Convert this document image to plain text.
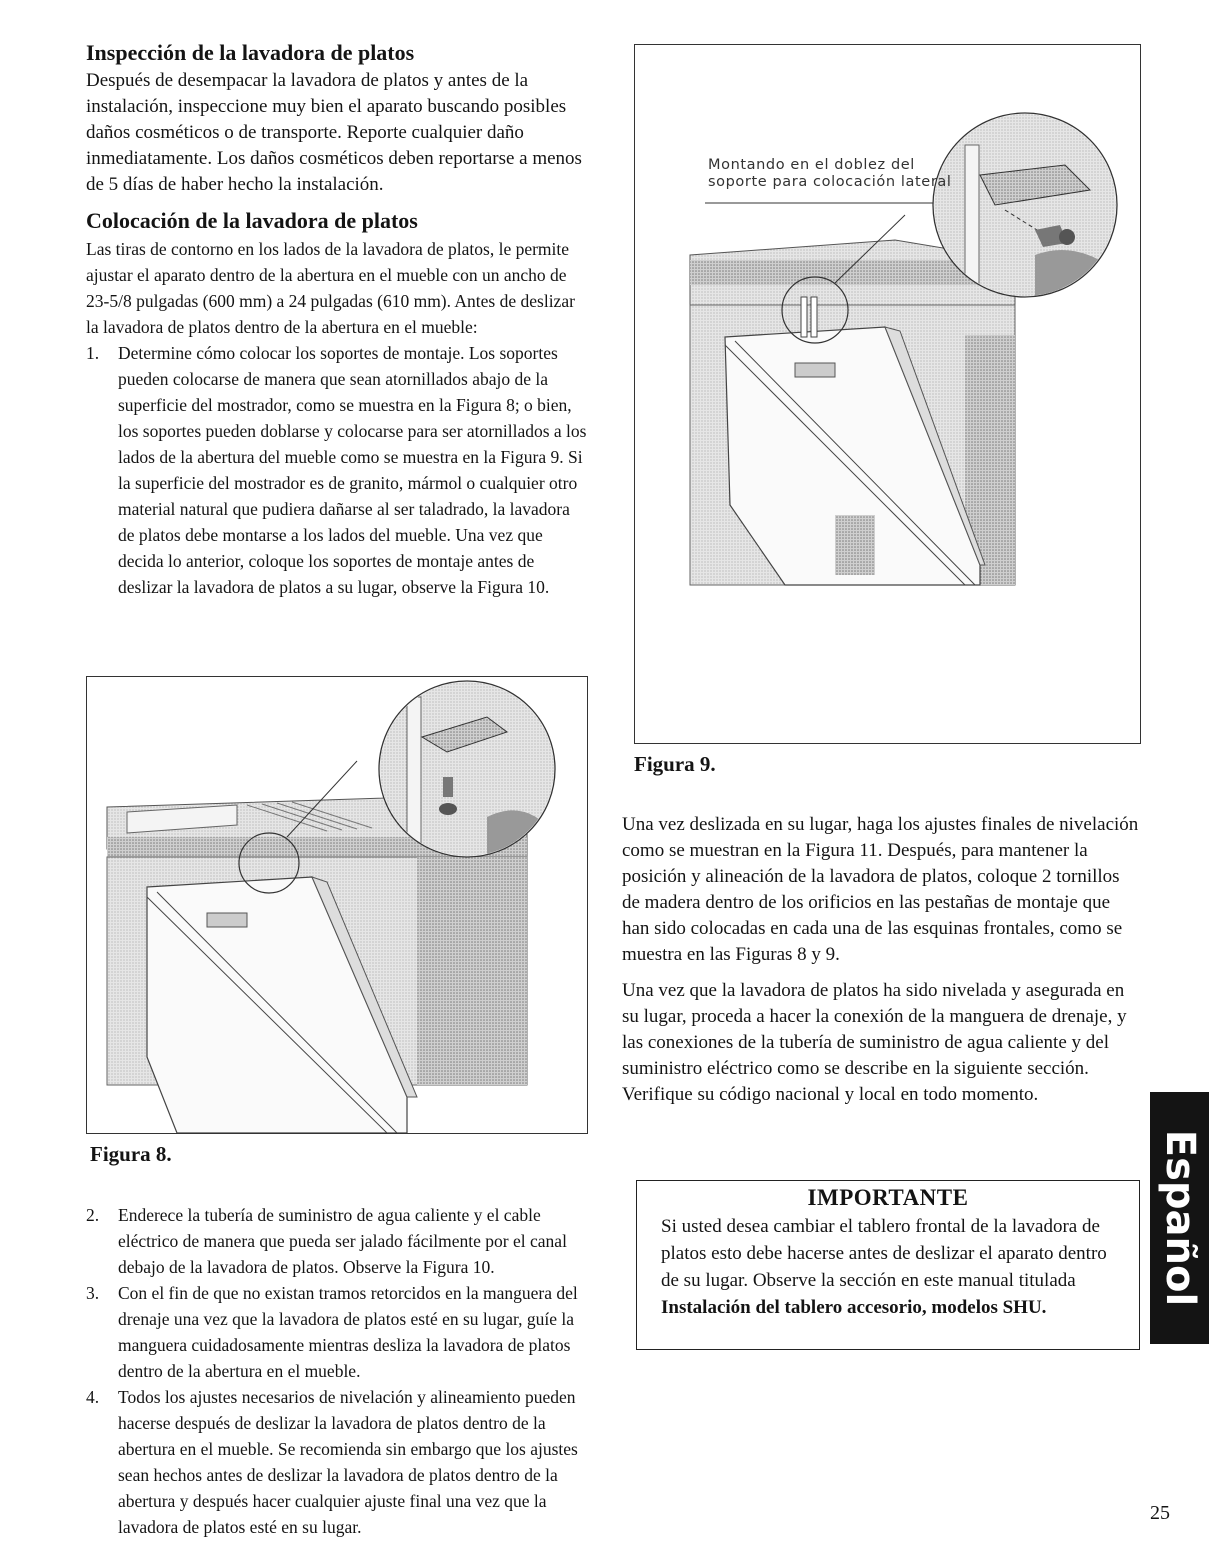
Inspección de la lavadora de platos

Después de desempacar la lavadora de platos y antes de la instalación, inspeccione muy bien el aparato buscando posibles daños cosméticos o de transporte. Reporte cualquier daño inmediatamente. Los daños cosméticos deben reportarse a menos de 5 días de haber hecho la instalación.

Colocación de la lavadora de platos

Las tiras de contorno en los lados de la lavadora de platos, le permite ajustar el aparato dentro de la abertura en el mueble con un ancho de 23-5/8 pulgadas (600 mm) a 24 pulgadas (610 mm). Antes de deslizar la lavadora de platos dentro de la abertura en el mueble:

1. Determine cómo colocar los soportes de montaje. Los soportes pueden colocarse de manera que sean atornillados abajo de la superficie del mostrador, como se muestra en la Figura 8; o bien, los soportes pueden doblarse y colocarse para ser atornillados a los lados de la abertura del mueble como se muestra en la Figura 9. Si la superficie del mostrador es de granito, mármol o cualquier otro material natural que pudiera dañarse al ser taladrado, la lavadora de platos debe montarse a los lados del mueble. Una vez que decida lo anterior, coloque los soportes de montaje antes de deslizar la lavadora de platos a su lugar, observe la Figura 10.
Figura 8.
2. Enderece la tubería de suministro de agua caliente y el cable eléctrico de manera que pueda ser jalado fácilmente por el canal debajo de la lavadora de platos. Observe la Figura 10.
3. Con el fin de que no existan tramos retorcidos en la manguera del drenaje una vez que la lavadora de platos esté en su lugar, guíe la manguera cuidadosamente mientras desliza la lavadora de platos dentro de la abertura en el mueble.
4. Todos los ajustes necesarios de nivelación y alineamiento pueden hacerse después de deslizar la lavadora de platos dentro de la abertura en el mueble. Se recomienda sin embargo que los ajustes sean hechos antes de deslizar la lavadora de platos dentro de la abertura y después hacer cualquier ajuste final una vez que la lavadora de platos esté en su lugar.
Montando en el doblez del
soporte para colocación lateral
Figura 9.

Una vez deslizada en su lugar, haga los ajustes finales de nivelación como se muestran en la Figura 11. Después, para mantener la posición y alineación de la lavadora de platos, coloque 2 tornillos de madera dentro de los orificios en las pestañas de montaje que han sido colocadas en cada una de las esquinas frontales, como se muestra en las Figuras 8 y 9.

Una vez que la lavadora de platos ha sido nivelada y asegurada en su lugar, proceda a hacer la conexión de la manguera de drenaje, y las conexiones de la tubería de suministro de agua caliente y del suministro eléctrico como se describe en la siguiente sección. Verifique su código nacional y local en todo momento.

IMPORTANTE

Si usted desea cambiar el tablero frontal de la lavadora de platos esto debe hacerse antes de deslizar el aparato dentro de su lugar. Observe la sección en este manual titulada Instalación del tablero accesorio, modelos SHU.

Español
25
